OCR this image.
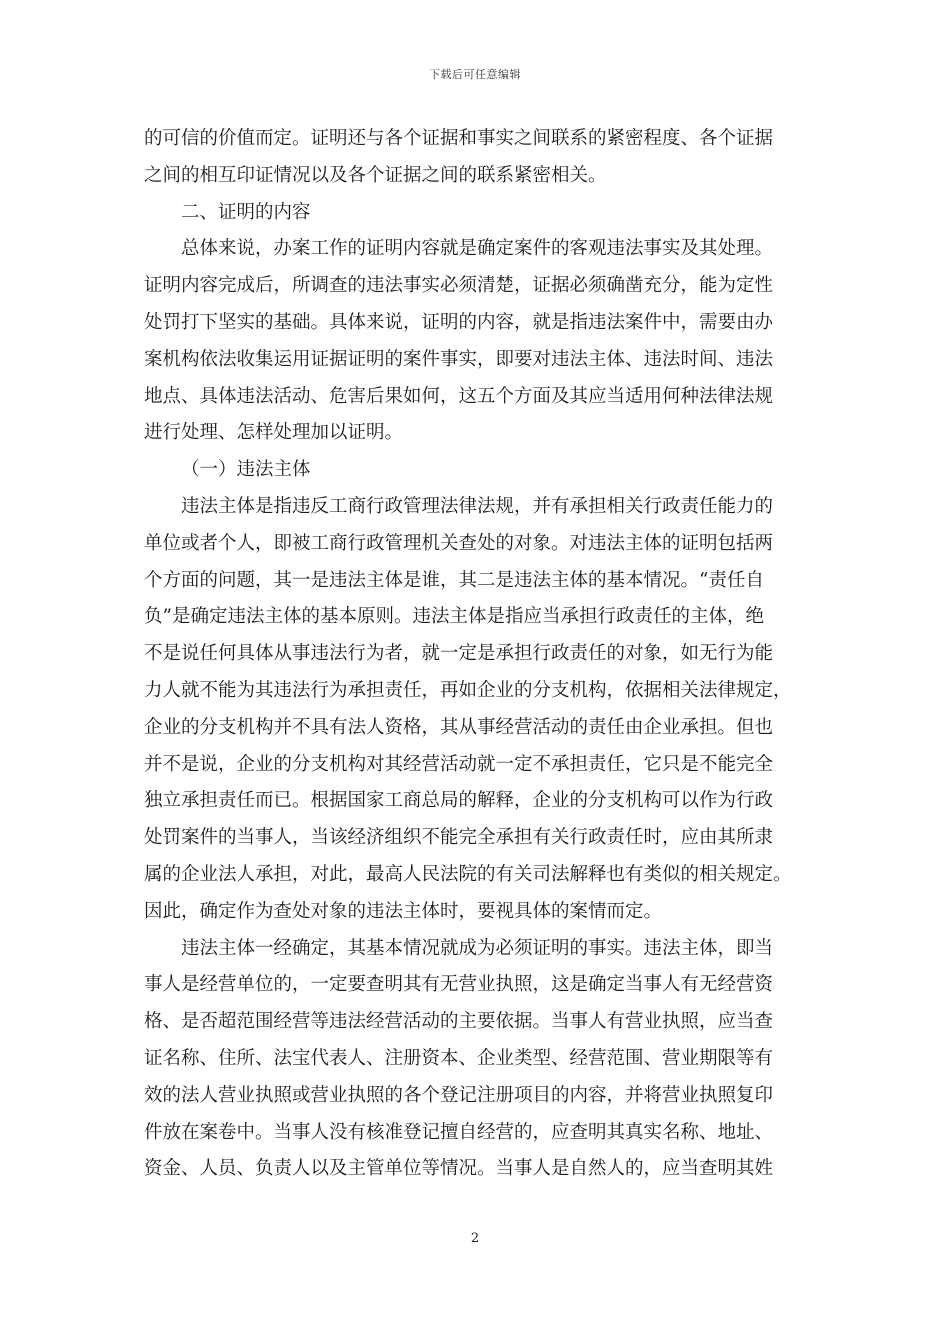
下载后可任意编辑
的可信的价值而定。证明还与各个证据和事实之间联系的紧密程度、各个证据
之间的相互印证情况以及各个证据之间的联系紧密相关。
二、证明的内容
总体来说，办案工作的证明内容就是确定案件的客观违法事实及其处理。
证明内容完成后，所调查的违法事实必须清楚，证据必须确凿充分，能为定性
处罚打下坚实的基础。具体来说，证明的内容，就是指违法案件中，需要由办
案机构依法收集运用证据证明的案件事实，即要对违法主体、违法时间、违法
地点、具体违法活动、危害后果如何，这五个方面及其应当适用何种法律法规
进行处理、怎样处理加以证明。
（一）违法主体
违法主体是指违反工商行政管理法律法规，并有承担相关行政责任能力的
单位或者个人，即被工商行政管理机关查处的对象。对违法主体的证明包括两
个方面的问题，其一是违法主体是谁，其二是违法主体的基本情况。“责任自
负”是确定违法主体的基本原则。违法主体是指应当承担行政责任的主体，绝
不是说任何具体从事违法行为者，就一定是承担行政责任的对象，如无行为能
力人就不能为其违法行为承担责任，再如企业的分支机构，依据相关法律规定，
企业的分支机构并不具有法人资格，其从事经营活动的责任由企业承担。但也
并不是说，企业的分支机构对其经营活动就一定不承担责任，它只是不能完全
独立承担责任而已。根据国家工商总局的解释，企业的分支机构可以作为行政
处罚案件的当事人，当该经济组织不能完全承担有关行政责任时，应由其所隶
属的企业法人承担，对此，最高人民法院的有关司法解释也有类似的相关规定。
因此，确定作为查处对象的违法主体时，要视具体的案情而定。
违法主体一经确定，其基本情况就成为必须证明的事实。违法主体，即当
事人是经营单位的，一定要查明其有无营业执照，这是确定当事人有无经营资
格、是否超范围经营等违法经营活动的主要依据。当事人有营业执照，应当查
证名称、住所、法宝代表人、注册资本、企业类型、经营范围、营业期限等有
效的法人营业执照或营业执照的各个登记注册项目的内容，并将营业执照复印
件放在案卷中。当事人没有核准登记擅自经营的，应查明其真实名称、地址、
资金、人员、负责人以及主管单位等情况。当事人是自然人的，应当查明其姓
2
